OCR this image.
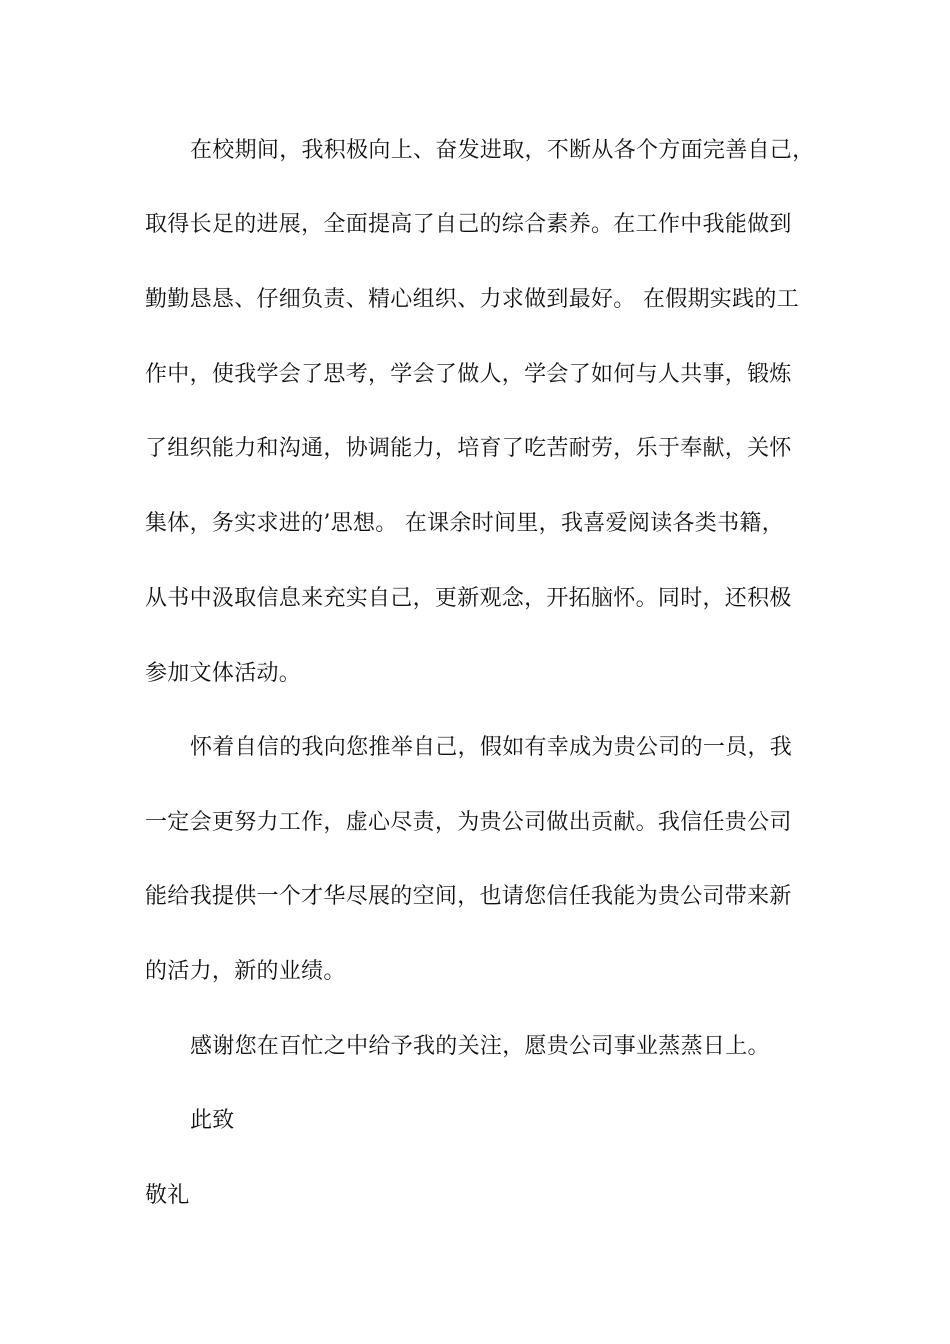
在校期间，我积极向上、奋发进取，不断从各个方面完善自己，
取得长足的进展，全面提高了自己的综合素养。在工作中我能做到
勤勤恳恳、仔细负责、精心组织、力求做到最好。 在假期实践的工
作中，使我学会了思考，学会了做人，学会了如何与人共事，锻炼
了组织能力和沟通，协调能力，培育了吃苦耐劳，乐于奉献，关怀
集体，务实求进的’思想。 在课余时间里，我喜爱阅读各类书籍，
从书中汲取信息来充实自己，更新观念，开拓脑怀。同时，还积极
参加文体活动。
怀着自信的我向您推举自己，假如有幸成为贵公司的一员，我
一定会更努力工作，虚心尽责，为贵公司做出贡献。我信任贵公司
能给我提供一个才华尽展的空间，也请您信任我能为贵公司带来新
的活力，新的业绩。
感谢您在百忙之中给予我的关注，愿贵公司事业蒸蒸日上。
此致
敬礼
